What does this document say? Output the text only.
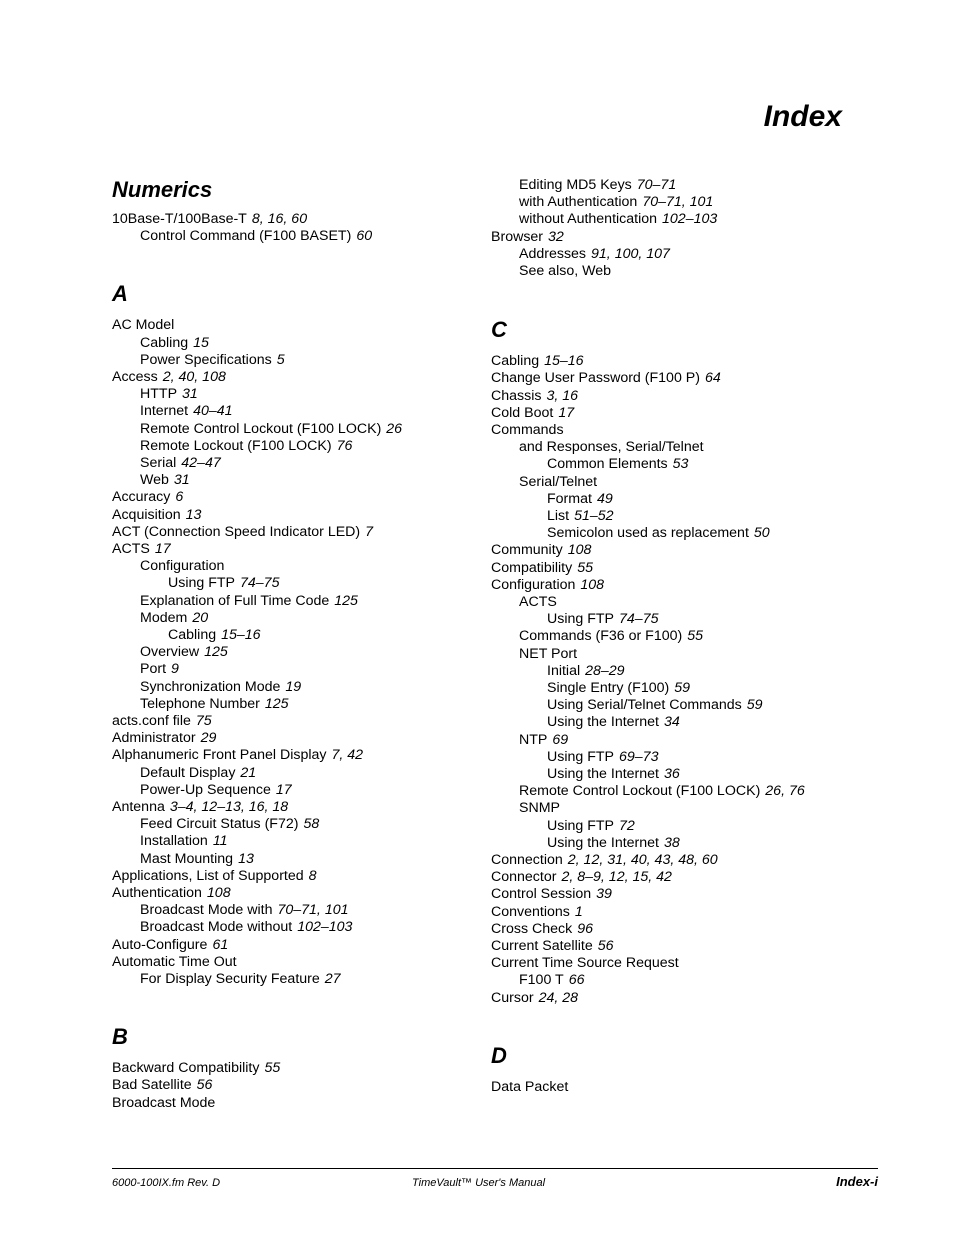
Index
Numerics
10Base-T/100Base-T 8, 16, 60
Control Command (F100 BASET) 60
A
AC Model
Cabling 15
Power Specifications 5
Access 2, 40, 108
HTTP 31
Internet 40–41
Remote Control Lockout (F100 LOCK) 26
Remote Lockout (F100 LOCK) 76
Serial 42–47
Web 31
Accuracy 6
Acquisition 13
ACT (Connection Speed Indicator LED) 7
ACTS 17
Configuration
Using FTP 74–75
Explanation of Full Time Code 125
Modem 20
Cabling 15–16
Overview 125
Port 9
Synchronization Mode 19
Telephone Number 125
acts.conf file 75
Administrator 29
Alphanumeric Front Panel Display 7, 42
Default Display 21
Power-Up Sequence 17
Antenna 3–4, 12–13, 16, 18
Feed Circuit Status (F72) 58
Installation 11
Mast Mounting 13
Applications, List of Supported 8
Authentication 108
Broadcast Mode with 70–71, 101
Broadcast Mode without 102–103
Auto-Configure 61
Automatic Time Out
For Display Security Feature 27
B
Backward Compatibility 55
Bad Satellite 56
Broadcast Mode
Editing MD5 Keys 70–71
with Authentication 70–71, 101
without Authentication 102–103
Browser 32
Addresses 91, 100, 107
See also, Web
C
Cabling 15–16
Change User Password (F100 P) 64
Chassis 3, 16
Cold Boot 17
Commands
and Responses, Serial/Telnet
Common Elements 53
Serial/Telnet
Format 49
List 51–52
Semicolon used as replacement 50
Community 108
Compatibility 55
Configuration 108
ACTS
Using FTP 74–75
Commands (F36 or F100) 55
NET Port
Initial 28–29
Single Entry (F100) 59
Using Serial/Telnet Commands 59
Using the Internet 34
NTP 69
Using FTP 69–73
Using the Internet 36
Remote Control Lockout (F100 LOCK) 26, 76
SNMP
Using FTP 72
Using the Internet 38
Connection 2, 12, 31, 40, 43, 48, 60
Connector 2, 8–9, 12, 15, 42
Control Session 39
Conventions 1
Cross Check 96
Current Satellite 56
Current Time Source Request
F100 T 66
Cursor 24, 28
D
Data Packet
6000-100IX.fm Rev. D	TimeVault™ User's Manual	Index-i
